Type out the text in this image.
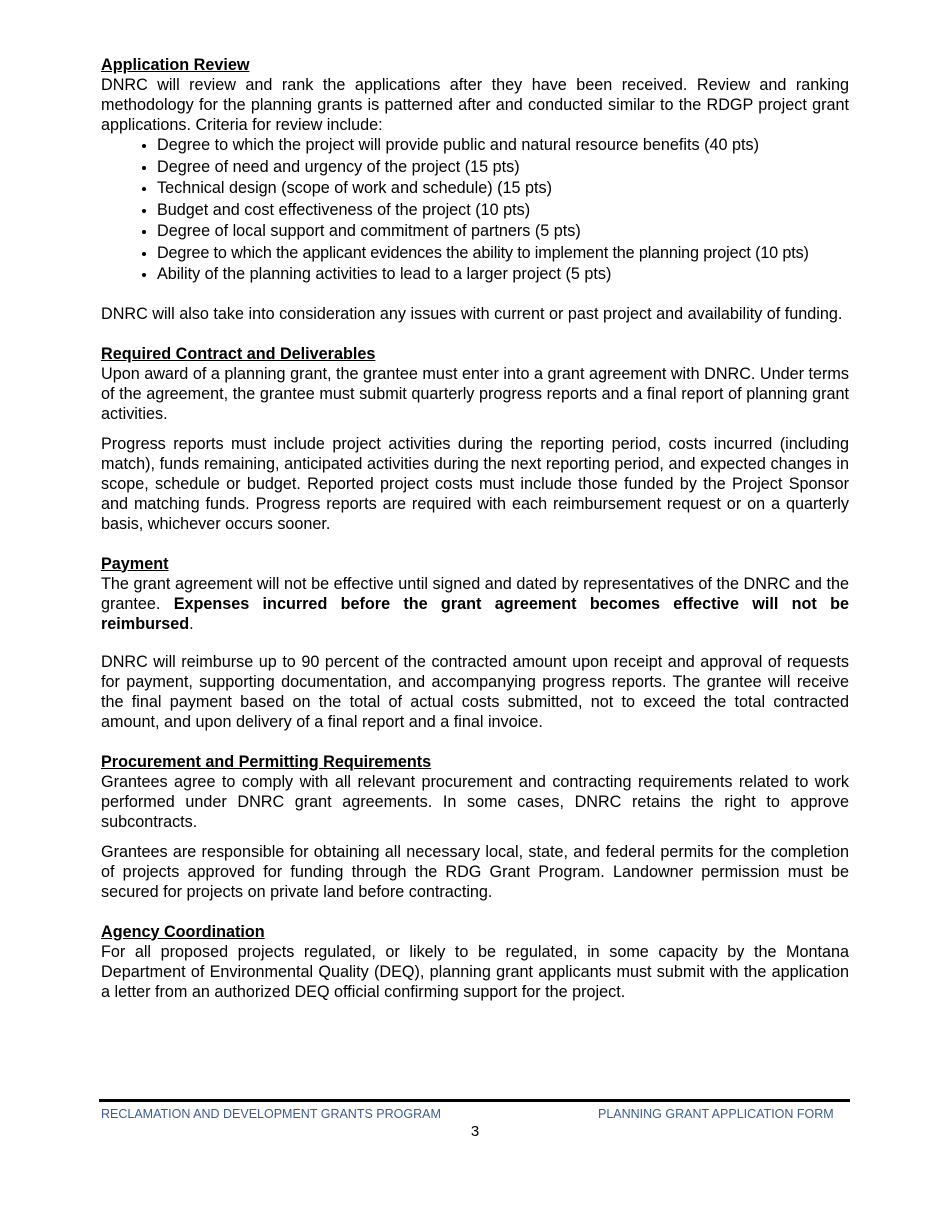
Application Review

DNRC will review and rank the applications after they have been received. Review and ranking methodology for the planning grants is patterned after and conducted similar to the RDGP project grant applications. Criteria for review include:

• Degree to which the project will provide public and natural resource benefits (40 pts)
• Degree of need and urgency of the project (15 pts)
• Technical design (scope of work and schedule) (15 pts)
• Budget and cost effectiveness of the project (10 pts)
• Degree of local support and commitment of partners (5 pts)
• Degree to which the applicant evidences the ability to implement the planning project (10 pts)
• Ability of the planning activities to lead to a larger project (5 pts)

DNRC will also take into consideration any issues with current or past project and availability of funding.

Required Contract and Deliverables

Upon award of a planning grant, the grantee must enter into a grant agreement with DNRC. Under terms of the agreement, the grantee must submit quarterly progress reports and a final report of planning grant activities.

Progress reports must include project activities during the reporting period, costs incurred (including match), funds remaining, anticipated activities during the next reporting period, and expected changes in scope, schedule or budget. Reported project costs must include those funded by the Project Sponsor and matching funds. Progress reports are required with each reimbursement request or on a quarterly basis, whichever occurs sooner.

Payment

The grant agreement will not be effective until signed and dated by representatives of the DNRC and the grantee. Expenses incurred before the grant agreement becomes effective will not be reimbursed.

DNRC will reimburse up to 90 percent of the contracted amount upon receipt and approval of requests for payment, supporting documentation, and accompanying progress reports. The grantee will receive the final payment based on the total of actual costs submitted, not to exceed the total contracted amount, and upon delivery of a final report and a final invoice.

Procurement and Permitting Requirements

Grantees agree to comply with all relevant procurement and contracting requirements related to work performed under DNRC grant agreements. In some cases, DNRC retains the right to approve subcontracts.

Grantees are responsible for obtaining all necessary local, state, and federal permits for the completion of projects approved for funding through the RDG Grant Program. Landowner permission must be secured for projects on private land before contracting.

Agency Coordination

For all proposed projects regulated, or likely to be regulated, in some capacity by the Montana Department of Environmental Quality (DEQ), planning grant applicants must submit with the application a letter from an authorized DEQ official confirming support for the project.

RECLAMATION AND DEVELOPMENT GRANTS PROGRAM	PLANNING GRANT APPLICATION FORM
3
